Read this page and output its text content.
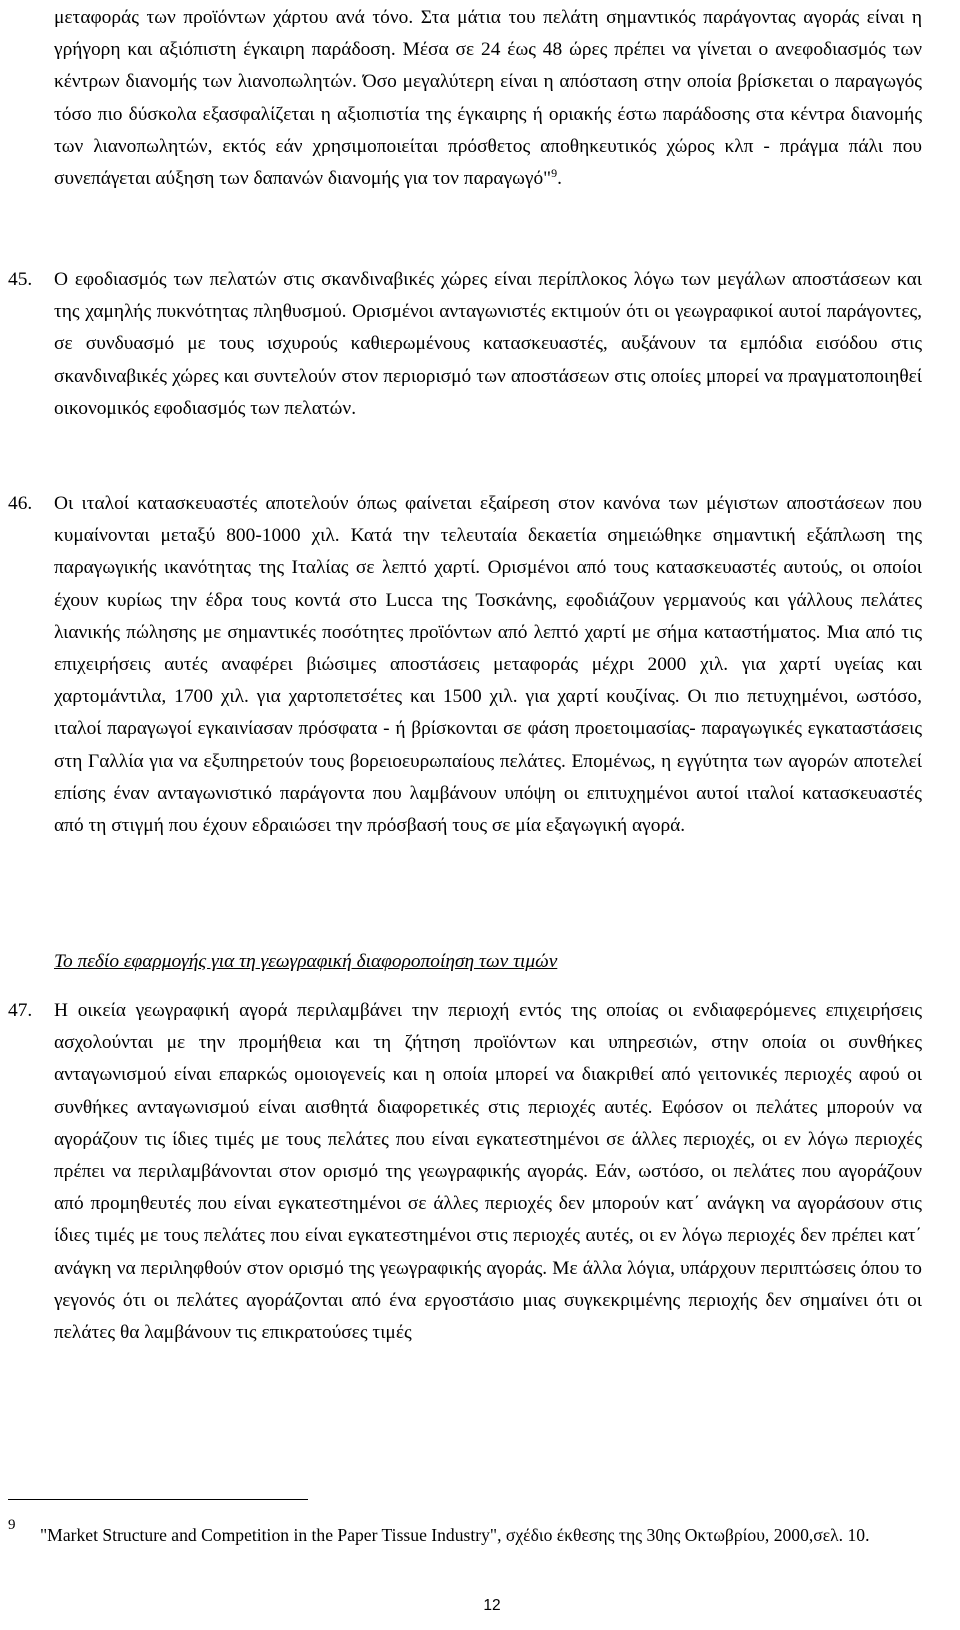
μεταφοράς των προϊόντων χάρτου ανά τόνο. Στα μάτια του πελάτη σημαντικός παράγοντας αγοράς είναι η γρήγορη και αξιόπιστη έγκαιρη παράδοση. Μέσα σε 24 έως 48 ώρες πρέπει να γίνεται ο ανεφοδιασμός των κέντρων διανομής των λιανοπωλητών. Όσο μεγαλύτερη είναι η απόσταση στην οποία βρίσκεται ο παραγωγός τόσο πιο δύσκολα εξασφαλίζεται η αξιοπιστία της έγκαιρης ή οριακής έστω παράδοσης στα κέντρα διανομής των λιανοπωλητών, εκτός εάν χρησιμοποιείται πρόσθετος αποθηκευτικός χώρος κλπ - πράγμα πάλι που συνεπάγεται αύξηση των δαπανών διανομής για τον παραγωγό"$^9$.

45.	Ο εφοδιασμός των πελατών στις σκανδιναβικές χώρες είναι περίπλοκος λόγω των μεγάλων αποστάσεων και της χαμηλής πυκνότητας πληθυσμού. Ορισμένοι ανταγωνιστές εκτιμούν ότι οι γεωγραφικοί αυτοί παράγοντες, σε συνδυασμό με τους ισχυρούς καθιερωμένους κατασκευαστές, αυξάνουν τα εμπόδια εισόδου στις σκανδιναβικές χώρες και συντελούν στον περιορισμό των αποστάσεων στις οποίες μπορεί να πραγματοποιηθεί οικονομικός εφοδιασμός των πελατών.

46.	Οι ιταλοί κατασκευαστές αποτελούν όπως φαίνεται εξαίρεση στον κανόνα των μέγιστων αποστάσεων που κυμαίνονται μεταξύ 800-1000 χιλ. Κατά την τελευταία δεκαετία σημειώθηκε σημαντική εξάπλωση της παραγωγικής ικανότητας της Ιταλίας σε λεπτό χαρτί. Ορισμένοι από τους κατασκευαστές αυτούς, οι οποίοι έχουν κυρίως την έδρα τους κοντά στο Lucca της Τοσκάνης, εφοδιάζουν γερμανούς και γάλλους πελάτες λιανικής πώλησης με σημαντικές ποσότητες προϊόντων από λεπτό χαρτί με σήμα καταστήματος. Μια από τις επιχειρήσεις αυτές αναφέρει βιώσιμες αποστάσεις μεταφοράς μέχρι 2000 χιλ. για χαρτί υγείας και χαρτομάντιλα, 1700 χιλ. για χαρτοπετσέτες και 1500 χιλ. για χαρτί κουζίνας. Οι πιο πετυχημένοι, ωστόσο, ιταλοί παραγωγοί εγκαινίασαν πρόσφατα - ή βρίσκονται σε φάση προετοιμασίας- παραγωγικές εγκαταστάσεις στη Γαλλία για να εξυπηρετούν τους βορειοευρωπαίους πελάτες. Επομένως, η εγγύτητα των αγορών αποτελεί επίσης έναν ανταγωνιστικό παράγοντα που λαμβάνουν υπόψη οι επιτυχημένοι αυτοί ιταλοί κατασκευαστές από τη στιγμή που έχουν εδραιώσει την πρόσβασή τους σε μία εξαγωγική αγορά.

Το πεδίο εφαρμογής για τη γεωγραφική διαφοροποίηση των τιμών

47.	Η οικεία γεωγραφική αγορά περιλαμβάνει την περιοχή εντός της οποίας οι ενδιαφερόμενες επιχειρήσεις ασχολούνται με την προμήθεια και τη ζήτηση προϊόντων και υπηρεσιών, στην οποία οι συνθήκες ανταγωνισμού είναι επαρκώς ομοιογενείς και η οποία μπορεί να διακριθεί από γειτονικές περιοχές αφού οι συνθήκες ανταγωνισμού είναι αισθητά διαφορετικές στις περιοχές αυτές. Εφόσον οι πελάτες μπορούν να αγοράζουν τις ίδιες τιμές με τους πελάτες που είναι εγκατεστημένοι σε άλλες περιοχές, οι εν λόγω περιοχές πρέπει να περιλαμβάνονται στον ορισμό της γεωγραφικής αγοράς. Εάν, ωστόσο, οι πελάτες που αγοράζουν από προμηθευτές που είναι εγκατεστημένοι σε άλλες περιοχές δεν μπορούν κατ΄ ανάγκη να αγοράσουν στις ίδιες τιμές με τους πελάτες που είναι εγκατεστημένοι στις περιοχές αυτές, οι εν λόγω περιοχές δεν πρέπει κατ΄ ανάγκη να περιληφθούν στον ορισμό της γεωγραφικής αγοράς. Με άλλα λόγια, υπάρχουν περιπτώσεις όπου το γεγονός ότι οι πελάτες αγοράζονται από ένα εργοστάσιο μιας συγκεκριμένης περιοχής δεν σημαίνει ότι οι πελάτες θα λαμβάνουν τις επικρατούσες τιμές

9 "Market Structure and Competition in the Paper Tissue Industry", σχέδιο έκθεσης της 30ης Οκτωβρίου, 2000,σελ. 10.

12
